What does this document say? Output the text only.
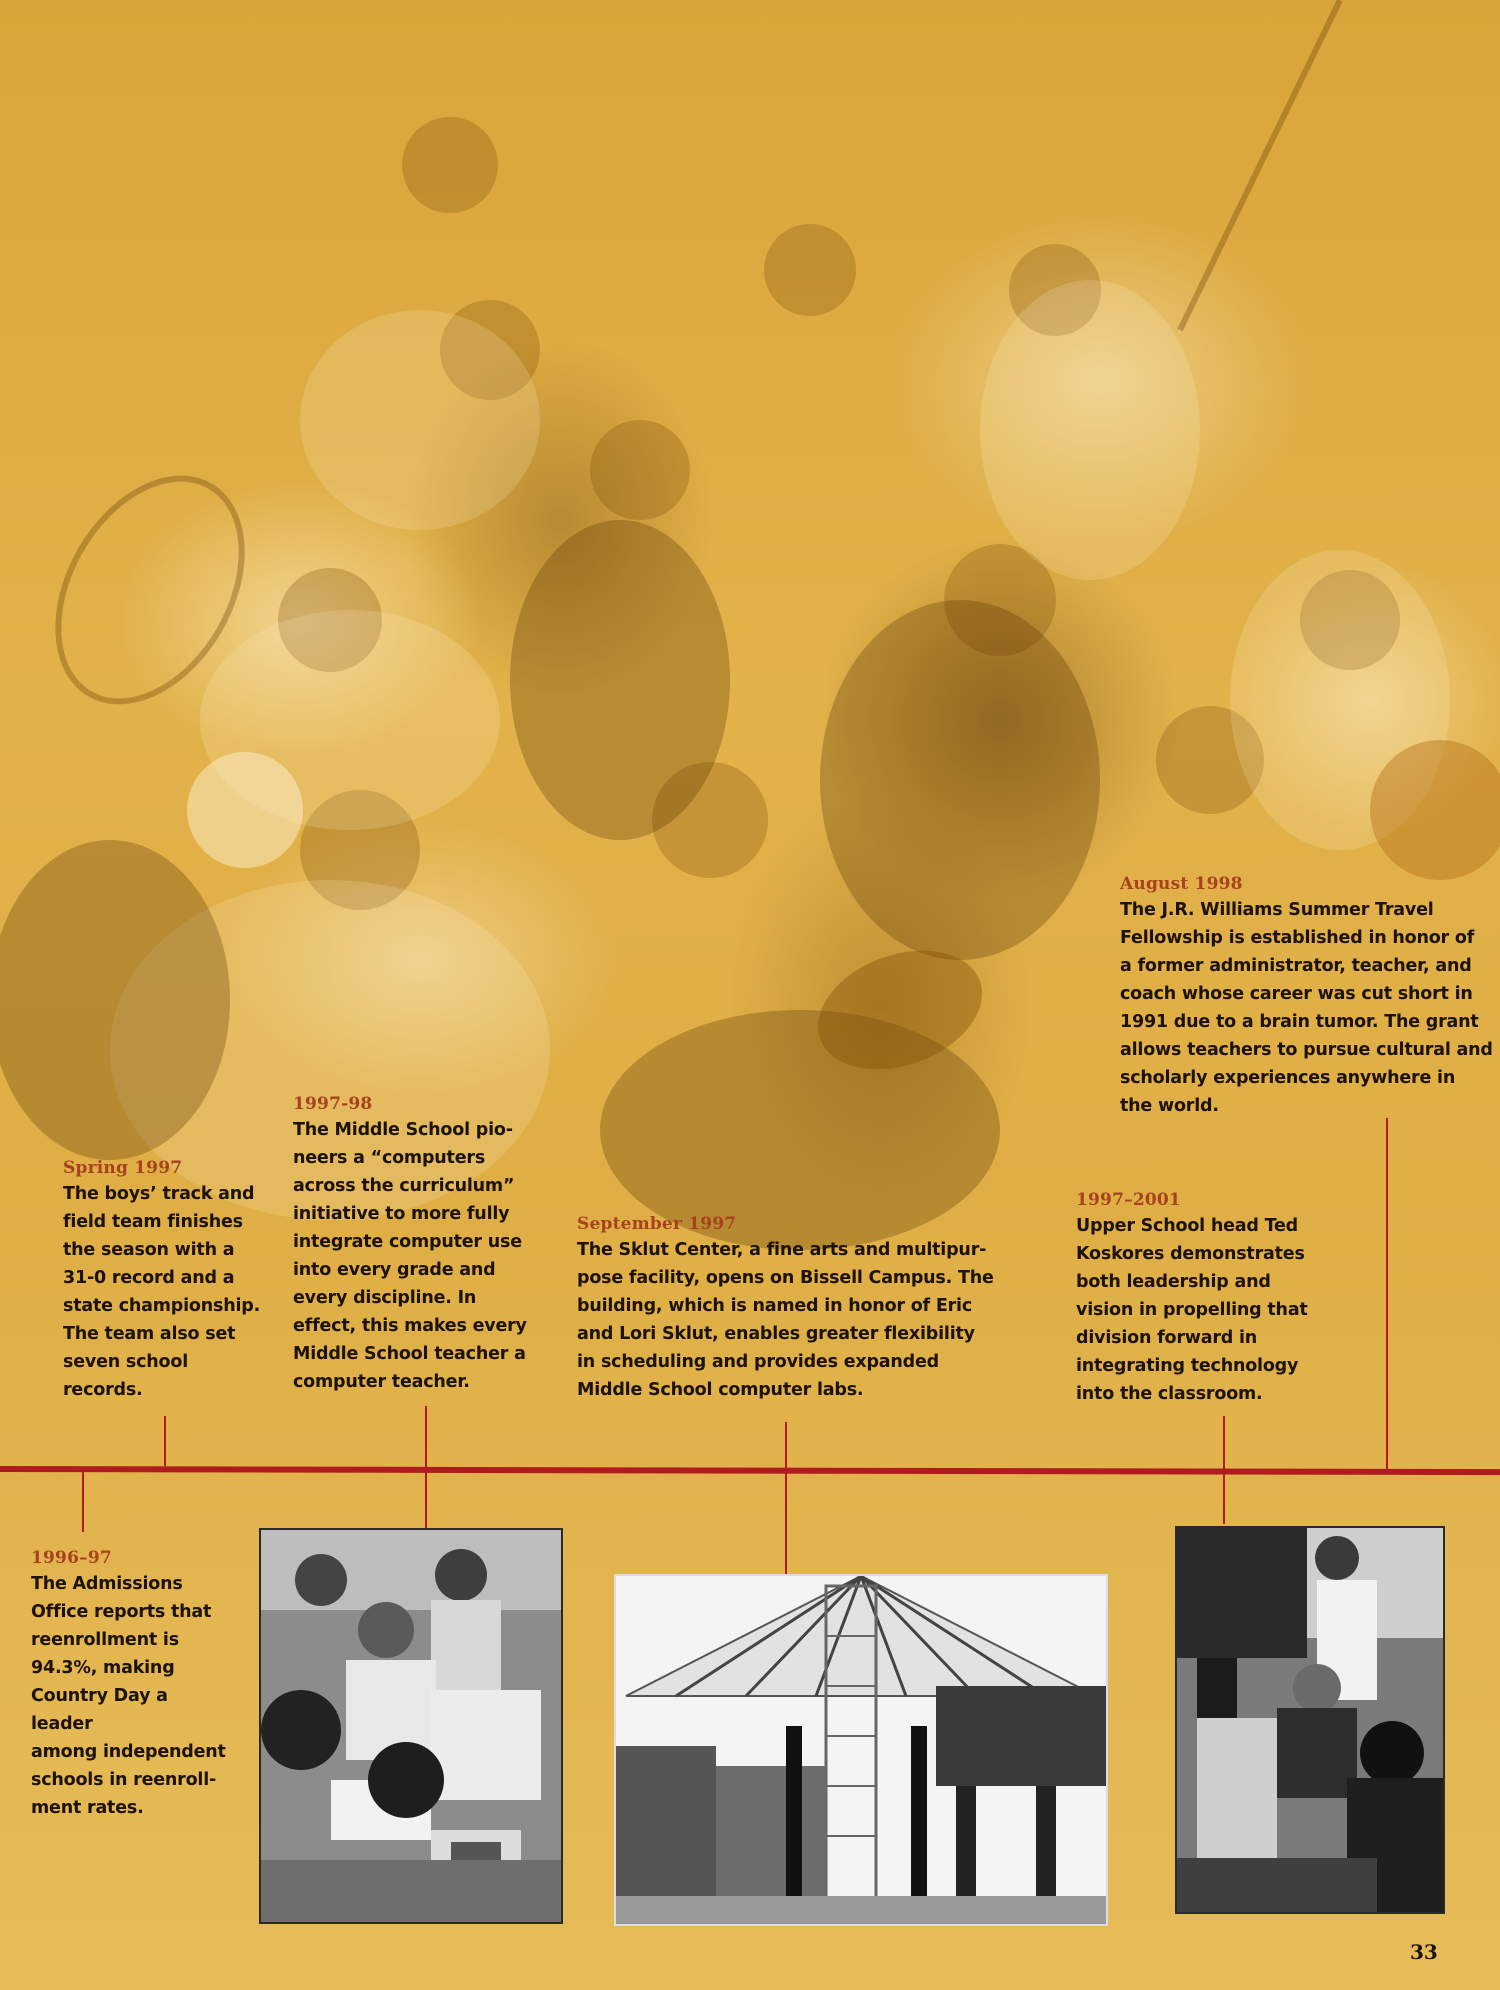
August 1998
The J.R. Williams Summer Travel
Fellowship is established in honor of
a former administrator, teacher, and
coach whose career was cut short in
1991 due to a brain tumor. The grant
allows teachers to pursue cultural and
scholarly experiences anywhere in
the world.
Spring 1997
The boys’ track and
field team finishes
the season with a
31-0 record and a
state championship.
The team also set
seven school
records.
1997-98
The Middle School pio-
neers a “computers
across the curriculum”
initiative to more fully
integrate computer use
into every grade and
every discipline. In
effect, this makes every
Middle School teacher a
computer teacher.
September 1997
The Sklut Center, a fine arts and multipur-
pose facility, opens on Bissell Campus. The
building, which is named in honor of Eric
and Lori Sklut, enables greater flexibility
in scheduling and provides expanded
Middle School computer labs.
1997–2001
Upper School head Ted
Koskores demonstrates
both leadership and
vision in propelling that
division forward in
integrating technology
into the classroom.
1996–97
The Admissions
Office reports that
reenrollment is
94.3%, making
Country Day a leader
among independent
schools in reenroll-
ment rates.
33
